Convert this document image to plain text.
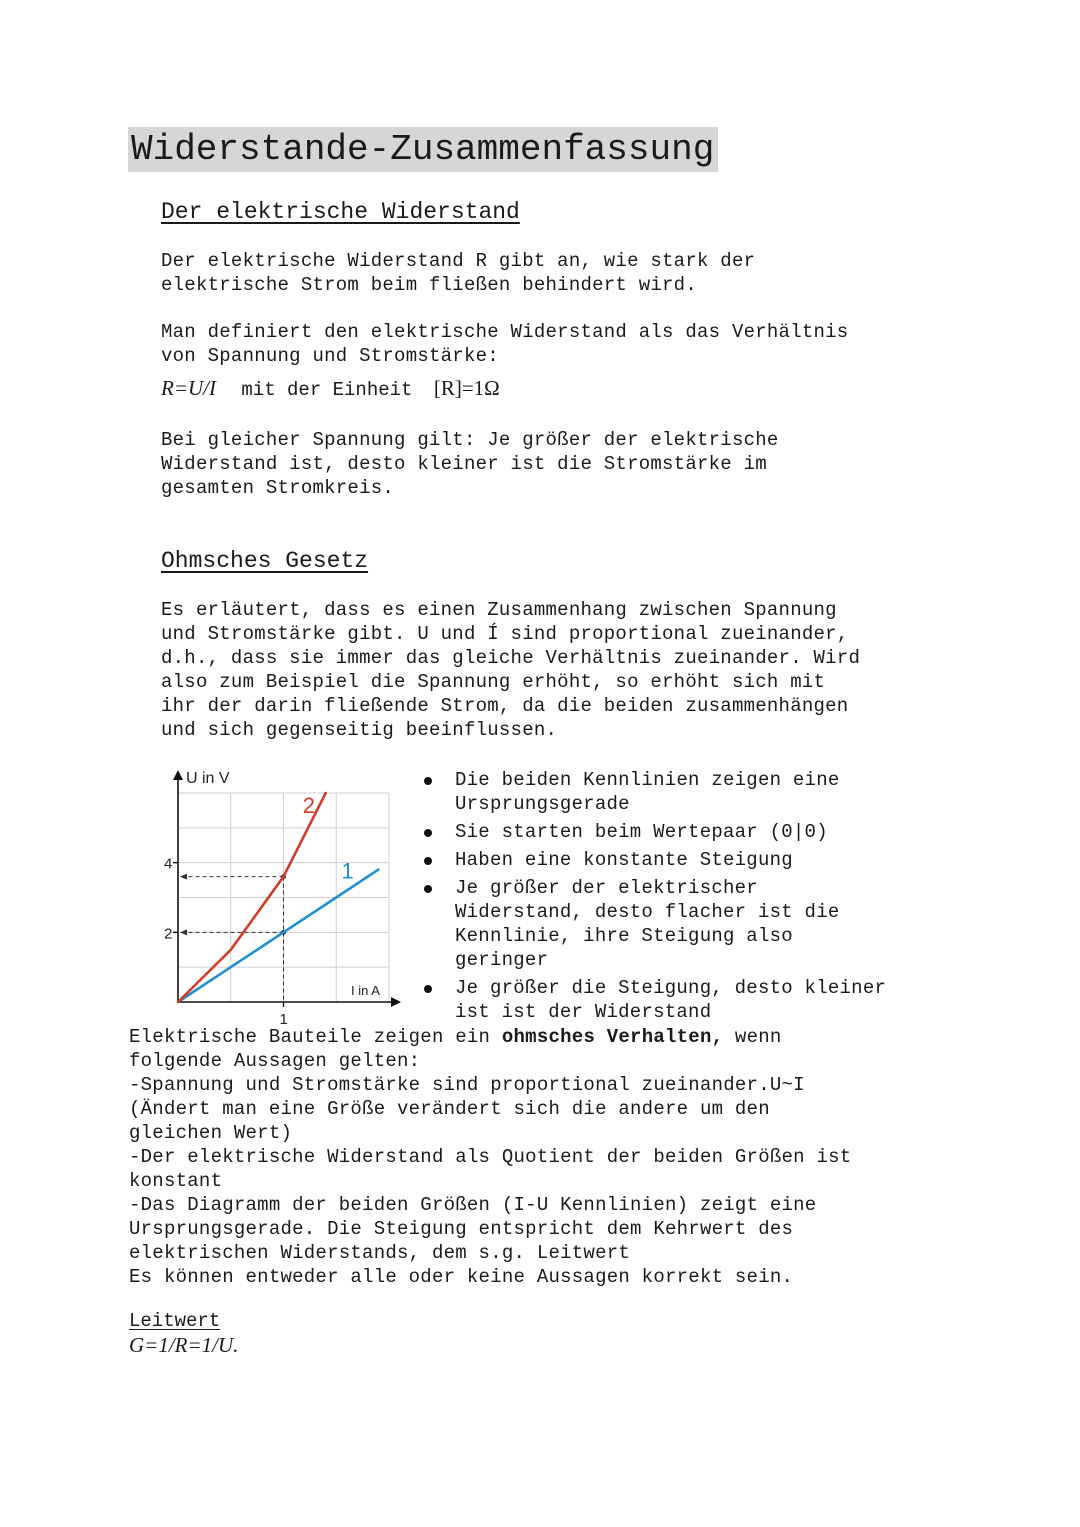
Widerstande-Zusammenfassung
Der elektrische Widerstand
Der elektrische Widerstand R gibt an, wie stark der
elektrische Strom beim fließen behindert wird.
Man definiert den elektrische Widerstand als das Verhältnis
von Spannung und Stromstärke:
R=U/I mit der Einheit [R]=1Ω
Bei gleicher Spannung gilt: Je größer der elektrische
Widerstand ist, desto kleiner ist die Stromstärke im
gesamten Stromkreis.
Ohmsches Gesetz
Es erläutert, dass es einen Zusammenhang zwischen Spannung
und Stromstärke gibt. U und Í sind proportional zueinander,
d.h., dass sie immer das gleiche Verhältnis zueinander. Wird
also zum Beispiel die Spannung erhöht, so erhöht sich mit
ihr der darin fließende Strom, da die beiden zusammenhängen
und sich gegenseitig beeinflussen.
2
4
1
1
2
U in V
I in A
Die beiden Kennlinien zeigen eine
Ursprungsgerade
Sie starten beim Wertepaar (0|0)
Haben eine konstante Steigung
Je größer der elektrischer
Widerstand, desto flacher ist die
Kennlinie, ihre Steigung also
geringer
Je größer die Steigung, desto kleiner
ist ist der Widerstand
Elektrische Bauteile zeigen ein ohmsches Verhalten, wenn
folgende Aussagen gelten:
-Spannung und Stromstärke sind proportional zueinander.U~I
(Ändert man eine Größe verändert sich die andere um den
gleichen Wert)
-Der elektrische Widerstand als Quotient der beiden Größen ist
konstant
-Das Diagramm der beiden Größen (I-U Kennlinien) zeigt eine
Ursprungsgerade. Die Steigung entspricht dem Kehrwert des
elektrischen Widerstands, dem s.g. Leitwert
Es können entweder alle oder keine Aussagen korrekt sein.
Leitwert
G=1/R=1/U.
